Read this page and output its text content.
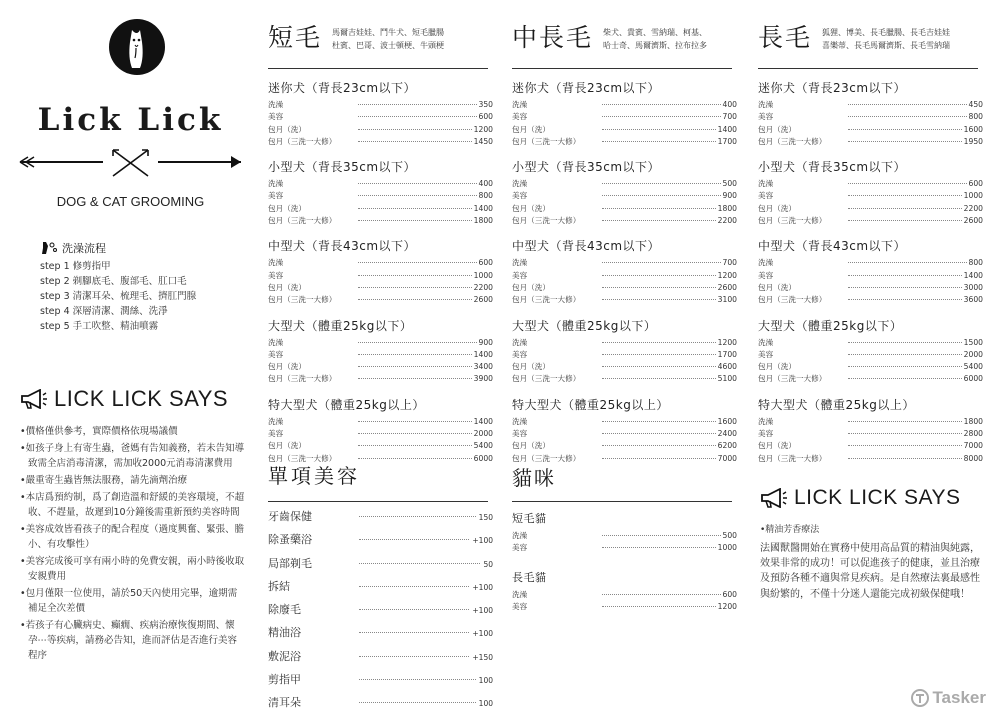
Lick Lick
DOG & CAT GROOMING
洗澡流程
step 1 修剪指甲
step 2 剃腳底毛、腹部毛、肛口毛
step 3 清潔耳朵、梳理毛、擠肛門腺
step 4 深層清潔、潤絲、洗淨
step 5 手工吹整、精油噴霧
LICK LICK SAYS
•價格僅供參考，實際價格依現場議價
•如孩子身上有寄生蟲，爸媽有告知義務，若未告知導致需全店消毒清潔，需加收2000元消毒清潔費用
•嚴重寄生蟲皆無法服務，請先滴劑治療
•本店爲預約制，爲了創造溫和舒緩的美容環境，不超收、不趕量，故遲到10分鐘後需重新預約美容時間
•美容成效皆看孩子的配合程度（過度興奮、緊張、膽小、有攻擊性）
•美容完成後可享有兩小時的免費安親，兩小時後收取安親費用
•包月僅限一位使用，請於50天內使用完畢，逾期需補足全次差價
•若孩子有心臟病史、癲癇、疾病治療恢復期間、懷孕⋯等疾病，請務必告知，進而評估是否進行美容程序
短毛 馬爾吉娃娃、鬥牛犬、短毛臘腸
杜賓、巴哥、波士頓梗、牛頭梗
迷你犬（背長23cm以下）
洗澡	350
美容	600
包月（洗）	1200
包月（三洗一大修）	1450
小型犬（背長35cm以下）
洗澡	400
美容	800
包月（洗）	1400
包月（三洗一大修）	1800
中型犬（背長43cm以下）
洗澡	600
美容	1000
包月（洗）	2200
包月（三洗一大修）	2600
大型犬（體重25kg以下）
洗澡	900
美容	1400
包月（洗）	3400
包月（三洗一大修）	3900
特大型犬（體重25kg以上）
洗澡	1400
美容	2000
包月（洗）	5400
包月（三洗一大修）	6000
中長毛 柴犬、貴賓、雪納瑞、柯基、
哈士奇、馬爾濟斯、拉布拉多
迷你犬（背長23cm以下）
洗澡	400
美容	700
包月（洗）	1400
包月（三洗一大修）	1700
小型犬（背長35cm以下）
洗澡	500
美容	900
包月（洗）	1800
包月（三洗一大修）	2200
中型犬（背長43cm以下）
洗澡	700
美容	1200
包月（洗）	2600
包月（三洗一大修）	3100
大型犬（體重25kg以下）
洗澡	1200
美容	1700
包月（洗）	4600
包月（三洗一大修）	5100
特大型犬（體重25kg以上）
洗澡	1600
美容	2400
包月（洗）	6200
包月（三洗一大修）	7000
長毛 狐狸、博美、長毛臘腸、長毛吉娃娃
喜樂蒂、長毛馬爾濟斯、長毛雪納瑞
迷你犬（背長23cm以下）
洗澡	450
美容	800
包月（洗）	1600
包月（三洗一大修）	1950
小型犬（背長35cm以下）
洗澡	600
美容	1000
包月（洗）	2200
包月（三洗一大修）	2600
中型犬（背長43cm以下）
洗澡	800
美容	1400
包月（洗）	3000
包月（三洗一大修）	3600
大型犬（體重25kg以下）
洗澡	1500
美容	2000
包月（洗）	5400
包月（三洗一大修）	6000
特大型犬（體重25kg以上）
洗澡	1800
美容	2800
包月（洗）	7000
包月（三洗一大修）	8000
單項美容
牙齒保健	150
除蚤藥浴	+100
局部剃毛	50
拆結	+100
除廢毛	+100
精油浴	+100
敷泥浴	+150
剪指甲	100
清耳朵	100
貓咪
短毛貓
洗澡	500
美容	1000
長毛貓
洗澡	600
美容	1200
LICK LICK SAYS
•精油芳香療法
法國獸醫開始在實務中使用高品質的精油與純露，效果非常的成功！可以促進孩子的健康，並且治療及預防各種不適與常見疾病。是自然療法裏最感性與紛繁的，不僅十分迷人還能完成初級保健哦！
Tasker
